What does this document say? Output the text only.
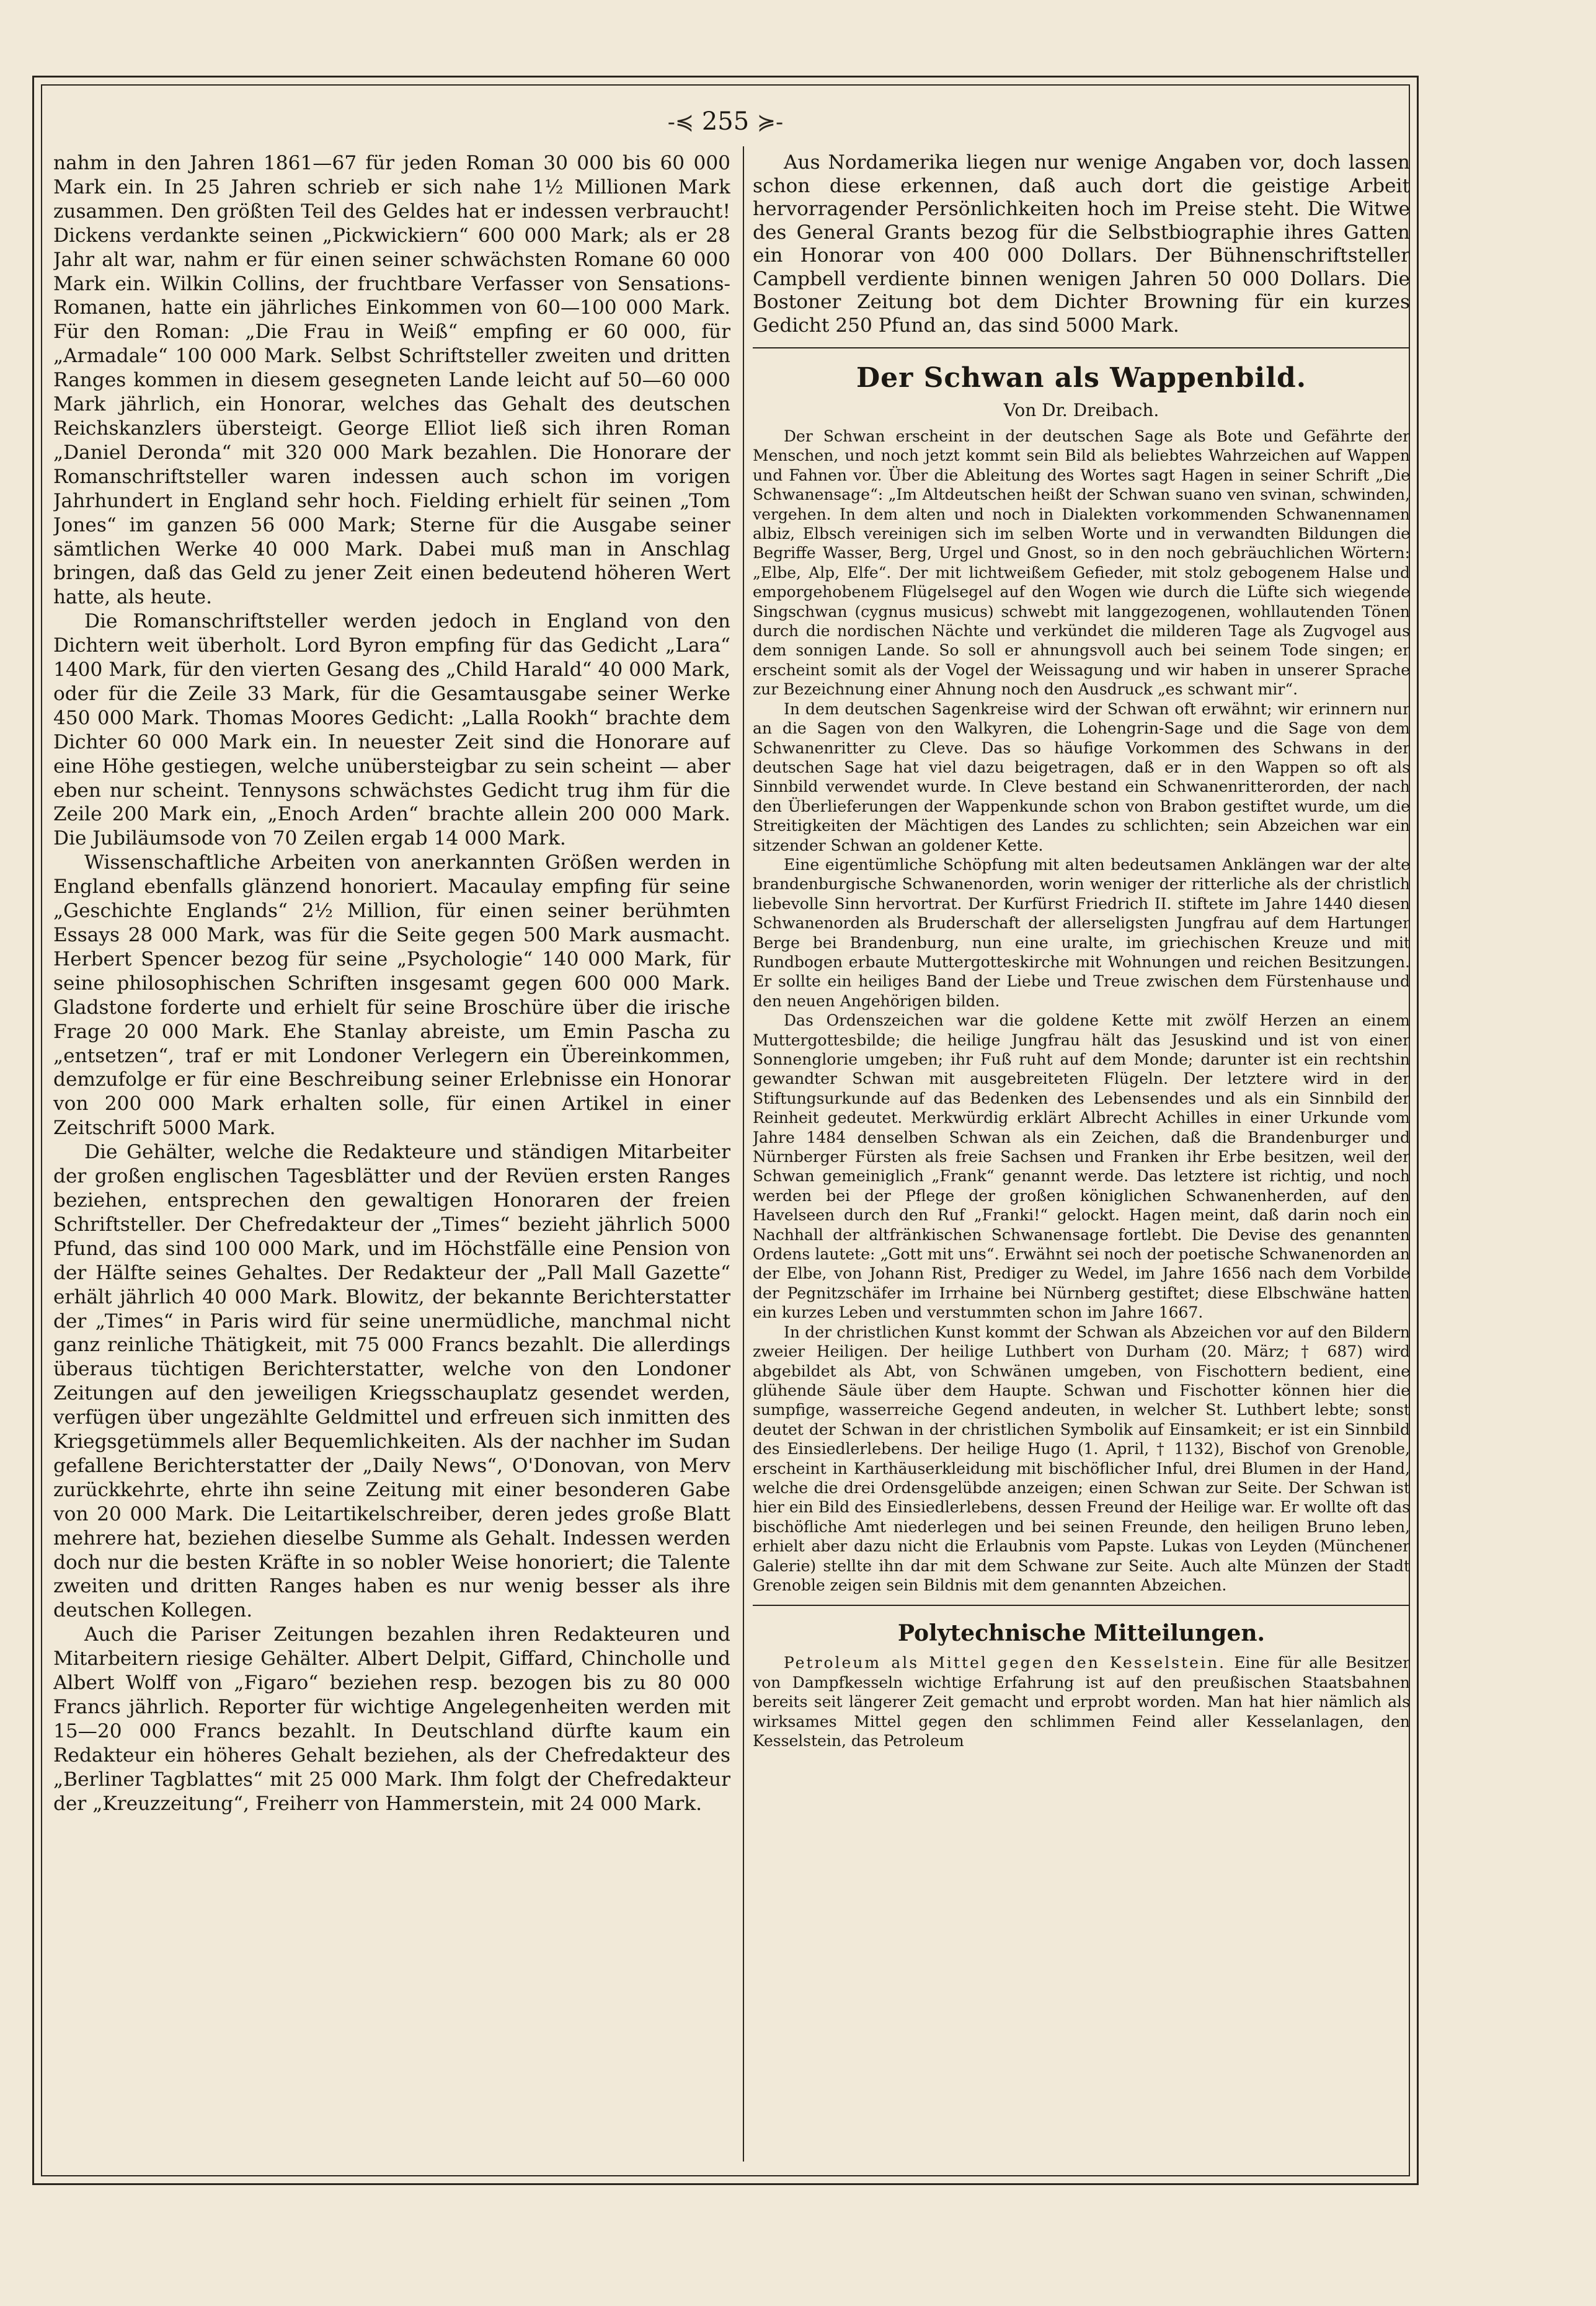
-≼ 255 ≽-

nahm in den Jahren 1861—67 für jeden Roman 30 000 bis 60 000 Mark ein. In 25 Jahren schrieb er sich nahe 1½ Millionen Mark zusammen. Den größten Teil des Geldes hat er indessen verbraucht! Dickens verdankte seinen „Pickwickiern“ 600 000 Mark; als er 28 Jahr alt war, nahm er für einen seiner schwächsten Romane 60 000 Mark ein. Wilkin Collins, der fruchtbare Verfasser von Sensations-Romanen, hatte ein jährliches Einkommen von 60—100 000 Mark. Für den Roman: „Die Frau in Weiß“ empfing er 60 000, für „Armadale“ 100 000 Mark. Selbst Schriftsteller zweiten und dritten Ranges kommen in diesem gesegneten Lande leicht auf 50—60 000 Mark jährlich, ein Honorar, welches das Gehalt des deutschen Reichskanzlers übersteigt. George Elliot ließ sich ihren Roman „Daniel Deronda“ mit 320 000 Mark bezahlen. Die Honorare der Romanschriftsteller waren indessen auch schon im vorigen Jahrhundert in England sehr hoch. Fielding erhielt für seinen „Tom Jones“ im ganzen 56 000 Mark; Sterne für die Ausgabe seiner sämtlichen Werke 40 000 Mark. Dabei muß man in Anschlag bringen, daß das Geld zu jener Zeit einen bedeutend höheren Wert hatte, als heute.

Die Romanschriftsteller werden jedoch in England von den Dichtern weit überholt. Lord Byron empfing für das Gedicht „Lara“ 1400 Mark, für den vierten Gesang des „Child Harald“ 40 000 Mark, oder für die Zeile 33 Mark, für die Gesamtausgabe seiner Werke 450 000 Mark. Thomas Moores Gedicht: „Lalla Rookh“ brachte dem Dichter 60 000 Mark ein. In neuester Zeit sind die Honorare auf eine Höhe gestiegen, welche unübersteigbar zu sein scheint — aber eben nur scheint. Tennysons schwächstes Gedicht trug ihm für die Zeile 200 Mark ein, „Enoch Arden“ brachte allein 200 000 Mark. Die Jubiläumsode von 70 Zeilen ergab 14 000 Mark.

Wissenschaftliche Arbeiten von anerkannten Größen werden in England ebenfalls glänzend honoriert. Macaulay empfing für seine „Geschichte Englands“ 2½ Million, für einen seiner berühmten Essays 28 000 Mark, was für die Seite gegen 500 Mark ausmacht. Herbert Spencer bezog für seine „Psychologie“ 140 000 Mark, für seine philosophischen Schriften insgesamt gegen 600 000 Mark. Gladstone forderte und erhielt für seine Broschüre über die irische Frage 20 000 Mark. Ehe Stanlay abreiste, um Emin Pascha zu „entsetzen“, traf er mit Londoner Verlegern ein Übereinkommen, demzufolge er für eine Beschreibung seiner Erlebnisse ein Honorar von 200 000 Mark erhalten solle, für einen Artikel in einer Zeitschrift 5000 Mark.

Die Gehälter, welche die Redakteure und ständigen Mitarbeiter der großen englischen Tagesblätter und der Revüen ersten Ranges beziehen, entsprechen den gewaltigen Honoraren der freien Schriftsteller. Der Chefredakteur der „Times“ bezieht jährlich 5000 Pfund, das sind 100 000 Mark, und im Höchstfälle eine Pension von der Hälfte seines Gehaltes. Der Redakteur der „Pall Mall Gazette“ erhält jährlich 40 000 Mark. Blowitz, der bekannte Berichterstatter der „Times“ in Paris wird für seine unermüdliche, manchmal nicht ganz reinliche Thätigkeit, mit 75 000 Francs bezahlt. Die allerdings überaus tüchtigen Berichterstatter, welche von den Londoner Zeitungen auf den jeweiligen Kriegsschauplatz gesendet werden, verfügen über ungezählte Geldmittel und erfreuen sich inmitten des Kriegsgetümmels aller Bequemlichkeiten. Als der nachher im Sudan gefallene Berichterstatter der „Daily News“, O'Donovan, von Merv zurückkehrte, ehrte ihn seine Zeitung mit einer besonderen Gabe von 20 000 Mark. Die Leitartikelschreiber, deren jedes große Blatt mehrere hat, beziehen dieselbe Summe als Gehalt. Indessen werden doch nur die besten Kräfte in so nobler Weise honoriert; die Talente zweiten und dritten Ranges haben es nur wenig besser als ihre deutschen Kollegen.

Auch die Pariser Zeitungen bezahlen ihren Redakteuren und Mitarbeitern riesige Gehälter. Albert Delpit, Giffard, Chincholle und Albert Wolff von „Figaro“ beziehen resp. bezogen bis zu 80 000 Francs jährlich. Reporter für wichtige Angelegenheiten werden mit 15—20 000 Francs bezahlt. In Deutschland dürfte kaum ein Redakteur ein höheres Gehalt beziehen, als der Chefredakteur des „Berliner Tagblattes“ mit 25 000 Mark. Ihm folgt der Chefredakteur der „Kreuzzeitung“, Freiherr von Hammerstein, mit 24 000 Mark.

Aus Nordamerika liegen nur wenige Angaben vor, doch lassen schon diese erkennen, daß auch dort die geistige Arbeit hervorragender Persönlichkeiten hoch im Preise steht. Die Witwe des General Grants bezog für die Selbstbiographie ihres Gatten ein Honorar von 400 000 Dollars. Der Bühnenschriftsteller Campbell verdiente binnen wenigen Jahren 50 000 Dollars. Die Bostoner Zeitung bot dem Dichter Browning für ein kurzes Gedicht 250 Pfund an, das sind 5000 Mark.

Der Schwan als Wappenbild.
Von Dr. Dreibach.

Der Schwan erscheint in der deutschen Sage als Bote und Gefährte der Menschen, und noch jetzt kommt sein Bild als beliebtes Wahrzeichen auf Wappen und Fahnen vor. Über die Ableitung des Wortes sagt Hagen in seiner Schrift „Die Schwanensage“: „Im Altdeutschen heißt der Schwan suano ven svinan, schwinden, vergehen. In dem alten und noch in Dialekten vorkommenden Schwanennamen albiz, Elbsch vereinigen sich im selben Worte und in verwandten Bildungen die Begriffe Wasser, Berg, Urgel und Gnost, so in den noch gebräuchlichen Wörtern: „Elbe, Alp, Elfe“. Der mit lichtweißem Gefieder, mit stolz gebogenem Halse und emporgehobenem Flügelsegel auf den Wogen wie durch die Lüfte sich wiegende Singschwan (cygnus musicus) schwebt mit langgezogenen, wohllautenden Tönen durch die nordischen Nächte und verkündet die milderen Tage als Zugvogel aus dem sonnigen Lande. So soll er ahnungsvoll auch bei seinem Tode singen; er erscheint somit als der Vogel der Weissagung und wir haben in unserer Sprache zur Bezeichnung einer Ahnung noch den Ausdruck „es schwant mir“.

In dem deutschen Sagenkreise wird der Schwan oft erwähnt; wir erinnern nur an die Sagen von den Walkyren, die Lohengrin-Sage und die Sage von dem Schwanenritter zu Cleve. Das so häufige Vorkommen des Schwans in der deutschen Sage hat viel dazu beigetragen, daß er in den Wappen so oft als Sinnbild verwendet wurde. In Cleve bestand ein Schwanenritterorden, der nach den Überlieferungen der Wappenkunde schon von Brabon gestiftet wurde, um die Streitigkeiten der Mächtigen des Landes zu schlichten; sein Abzeichen war ein sitzender Schwan an goldener Kette.

Eine eigentümliche Schöpfung mit alten bedeutsamen Anklängen war der alte brandenburgische Schwanenorden, worin weniger der ritterliche als der christlich liebevolle Sinn hervortrat. Der Kurfürst Friedrich II. stiftete im Jahre 1440 diesen Schwanenorden als Bruderschaft der allerseligsten Jungfrau auf dem Hartunger Berge bei Brandenburg, nun eine uralte, im griechischen Kreuze und mit Rundbogen erbaute Muttergotteskirche mit Wohnungen und reichen Besitzungen. Er sollte ein heiliges Band der Liebe und Treue zwischen dem Fürstenhause und den neuen Angehörigen bilden.

Das Ordenszeichen war die goldene Kette mit zwölf Herzen an einem Muttergottesbilde; die heilige Jungfrau hält das Jesuskind und ist von einer Sonnenglorie umgeben; ihr Fuß ruht auf dem Monde; darunter ist ein rechtshin gewandter Schwan mit ausgebreiteten Flügeln. Der letztere wird in der Stiftungsurkunde auf das Bedenken des Lebensendes und als ein Sinnbild der Reinheit gedeutet. Merkwürdig erklärt Albrecht Achilles in einer Urkunde vom Jahre 1484 denselben Schwan als ein Zeichen, daß die Brandenburger und Nürnberger Fürsten als freie Sachsen und Franken ihr Erbe besitzen, weil der Schwan gemeiniglich „Frank“ genannt werde. Das letztere ist richtig, und noch werden bei der Pflege der großen königlichen Schwanenherden, auf den Havelseen durch den Ruf „Franki!“ gelockt. Hagen meint, daß darin noch ein Nachhall der altfränkischen Schwanensage fortlebt. Die Devise des genannten Ordens lautete: „Gott mit uns“. Erwähnt sei noch der poetische Schwanenorden an der Elbe, von Johann Rist, Prediger zu Wedel, im Jahre 1656 nach dem Vorbilde der Pegnitzschäfer im Irrhaine bei Nürnberg gestiftet; diese Elbschwäne hatten ein kurzes Leben und verstummten schon im Jahre 1667.

In der christlichen Kunst kommt der Schwan als Abzeichen vor auf den Bildern zweier Heiligen. Der heilige Luthbert von Durham (20. März; † 687) wird abgebildet als Abt, von Schwänen umgeben, von Fischottern bedient, eine glühende Säule über dem Haupte. Schwan und Fischotter können hier die sumpfige, wasserreiche Gegend andeuten, in welcher St. Luthbert lebte; sonst deutet der Schwan in der christlichen Symbolik auf Einsamkeit; er ist ein Sinnbild des Einsiedlerlebens. Der heilige Hugo (1. April, † 1132), Bischof von Grenoble, erscheint in Karthäuserkleidung mit bischöflicher Inful, drei Blumen in der Hand, welche die drei Ordensgelübde anzeigen; einen Schwan zur Seite. Der Schwan ist hier ein Bild des Einsiedlerlebens, dessen Freund der Heilige war. Er wollte oft das bischöfliche Amt niederlegen und bei seinen Freunde, den heiligen Bruno leben, erhielt aber dazu nicht die Erlaubnis vom Papste. Lukas von Leyden (Münchener Galerie) stellte ihn dar mit dem Schwane zur Seite. Auch alte Münzen der Stadt Grenoble zeigen sein Bildnis mit dem genannten Abzeichen.

Polytechnische Mitteilungen.

Petroleum als Mittel gegen den Kesselstein. Eine für alle Besitzer von Dampfkesseln wichtige Erfahrung ist auf den preußischen Staatsbahnen bereits seit längerer Zeit gemacht und erprobt worden. Man hat hier nämlich als wirksames Mittel gegen den schlimmen Feind aller Kesselanlagen, den Kesselstein, das Petroleum
